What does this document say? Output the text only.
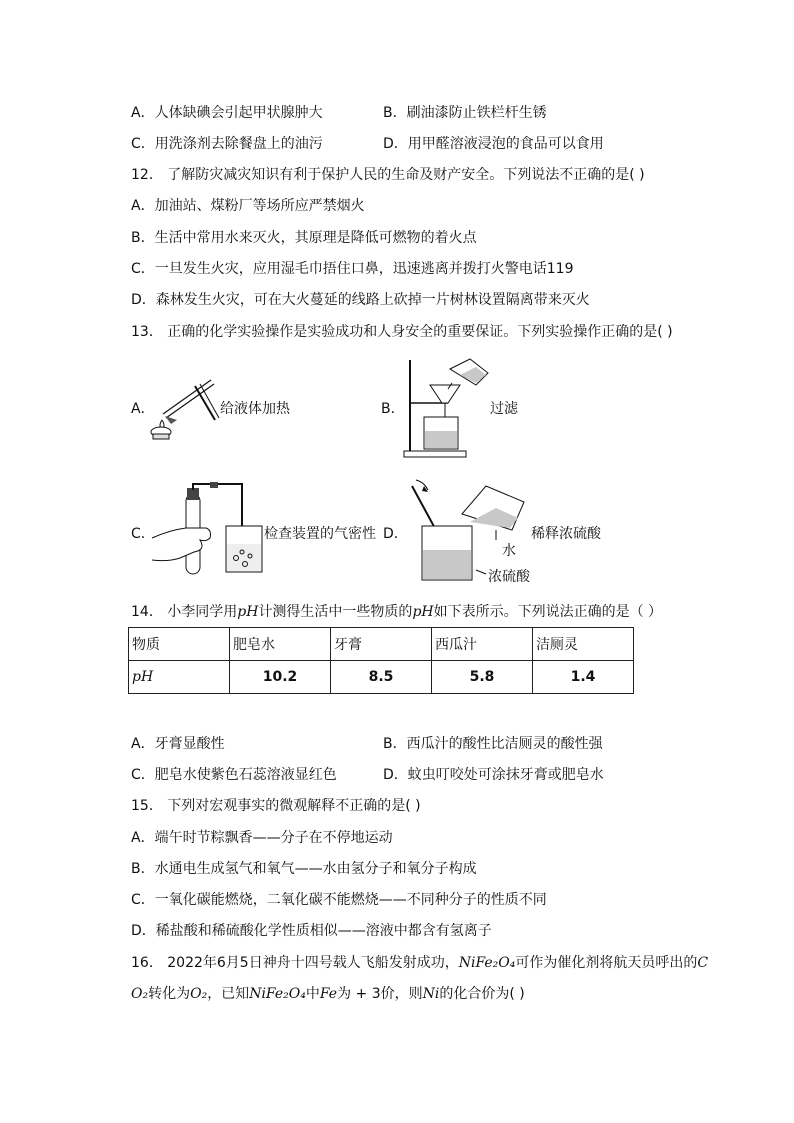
A．人体缺碘会引起甲状腺肿大	B．刷油漆防止铁栏杆生锈
C．用洗涤剂去除餐盘上的油污	D．用甲醛溶液浸泡的食品可以食用
12． 了解防灾减灾知识有利于保护人民的生命及财产安全。下列说法不正确的是( )
A．加油站、煤粉厂等场所应严禁烟火
B．生活中常用水来灭火，其原理是降低可燃物的着火点
C．一旦发生火灾，应用湿毛巾捂住口鼻，迅速逃离并拨打火警电话119
D．森林发生火灾，可在大火蔓延的线路上砍掉一片树林设置隔离带来灭火
13． 正确的化学实验操作是实验成功和人身安全的重要保证。下列实验操作正确的是( )
A．	给液体加热	B．	过滤
C．	检查装置的气密性 D．	稀释浓硫酸
水
浓硫酸
14． 小李同学用pH计测得生活中一些物质的pH如下表所示。下列说法正确的是（ ）
物质	肥皂水	牙膏	西瓜汁	洁厕灵
pH	10.2	8.5	5.8	1.4
A．牙膏显酸性	B．西瓜汁的酸性比洁厕灵的酸性强
C．肥皂水使紫色石蕊溶液显红色	D．蚊虫叮咬处可涂抹牙膏或肥皂水
15． 下列对宏观事实的微观解释不正确的是( )
A．端午时节粽飘香——分子在不停地运动
B．水通电生成氢气和氧气——水由氢分子和氧分子构成
C．一氧化碳能燃烧，二氧化碳不能燃烧——不同种分子的性质不同
D．稀盐酸和稀硫酸化学性质相似——溶液中都含有氢离子
16． 2022年6月5日神舟十四号载人飞船发射成功，NiFe₂O₄可作为催化剂将航天员呼出的C
O₂转化为O₂，已知NiFe₂O₄中Fe为 + 3价，则Ni的化合价为( )
